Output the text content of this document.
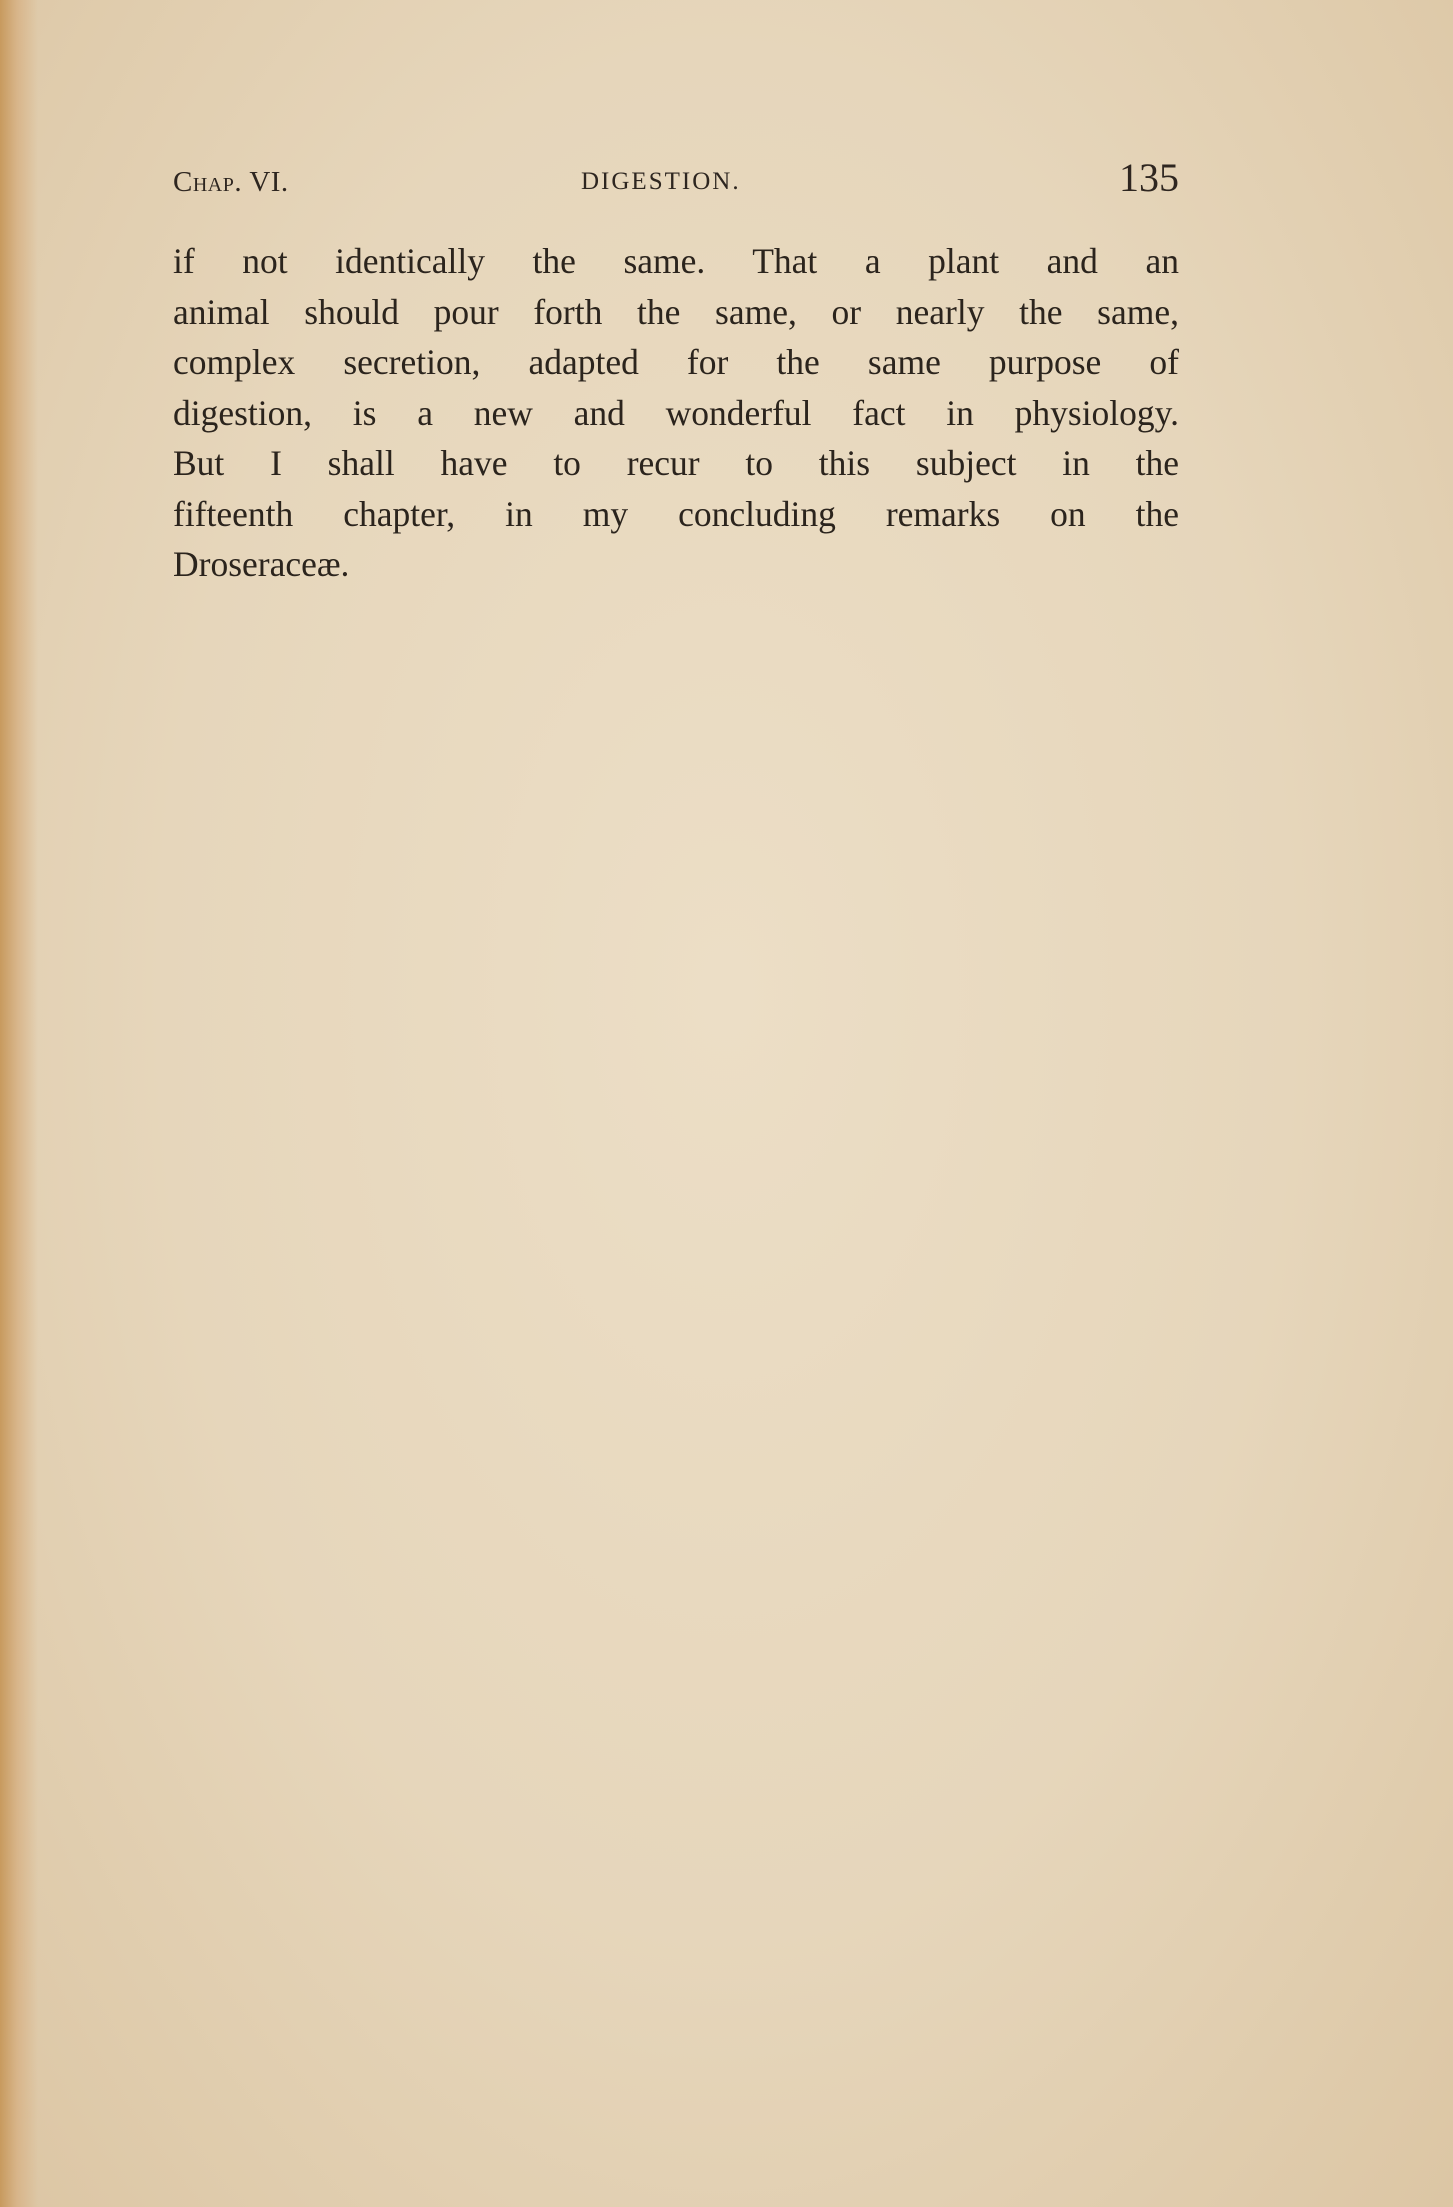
Chap. VI.	DIGESTION.	135
if not identically the same. That a plant and an
animal should pour forth the same, or nearly the same,
complex secretion, adapted for the same purpose of
digestion, is a new and wonderful fact in physiology.
But I shall have to recur to this subject in the
fifteenth chapter, in my concluding remarks on the
Droseraceæ.
